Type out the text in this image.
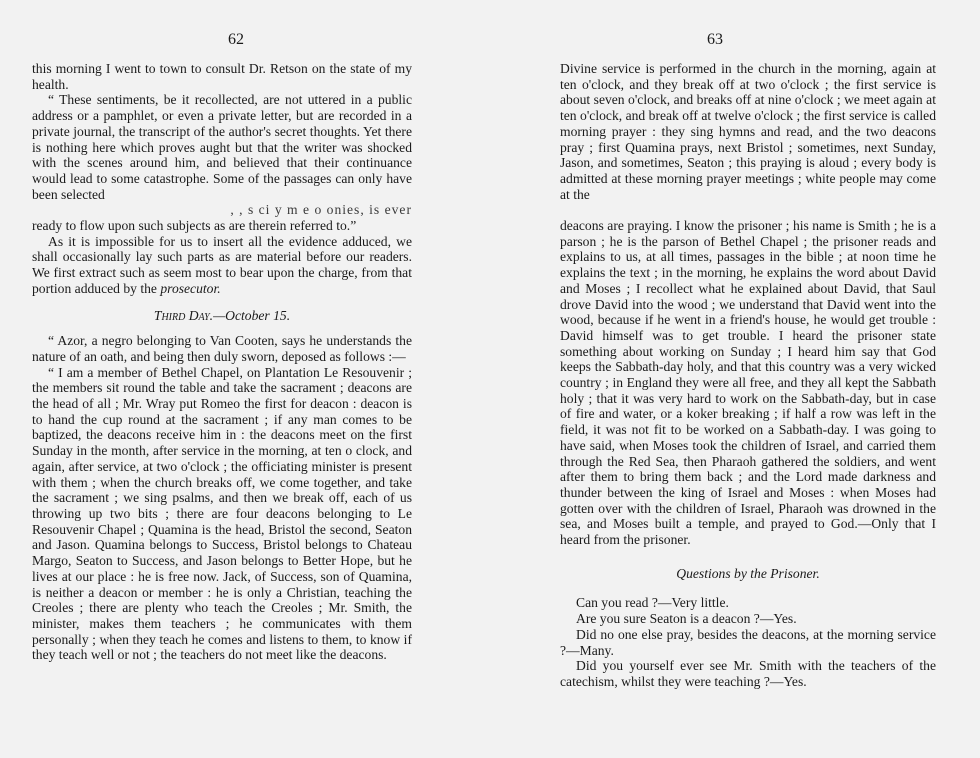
62

this morning I went to town to consult Dr. Retson on the state of my health.

“ These sentiments, be it recollected, are not uttered in a public address or a pamphlet, or even a private letter, but are recorded in a private journal, the transcript of the author's secret thoughts. Yet there is nothing here which proves aught but that the writer was shocked with the scenes around him, and believed that their continuance would lead to some catastrophe. Some of the passages can only have been selected

, , s ci y m e o onies, is ever

ready to flow upon such subjects as are therein referred to.”

As it is impossible for us to insert all the evidence adduced, we shall occasionally lay such parts as are material before our readers. We first extract such as seem most to bear upon the charge, from that portion adduced by the prosecutor.

Third Day.—October 15.

“ Azor, a negro belonging to Van Cooten, says he understands the nature of an oath, and being then duly sworn, deposed as follows :—

“ I am a member of Bethel Chapel, on Plantation Le Resouvenir ; the members sit round the table and take the sacrament ; deacons are the head of all ; Mr. Wray put Romeo the first for deacon : deacon is to hand the cup round at the sacrament ; if any man comes to be baptized, the deacons receive him in : the deacons meet on the first Sunday in the month, after service in the morning, at ten o clock, and again, after service, at two o'clock ; the officiating minister is present with them ; when the church breaks off, we come together, and take the sacrament ; we sing psalms, and then we break off, each of us throwing up two bits ; there are four deacons belonging to Le Resouvenir Chapel ; Quamina is the head, Bristol the second, Seaton and Jason. Quamina belongs to Success, Bristol belongs to Chateau Margo, Seaton to Success, and Jason belongs to Better Hope, but he lives at our place : he is free now. Jack, of Success, son of Quamina, is neither a deacon or member : he is only a Christian, teaching the Creoles ; there are plenty who teach the Creoles ; Mr. Smith, the minister, makes them teachers ; he communicates with them personally ; when they teach he comes and listens to them, to know if they teach well or not ; the teachers do not meet like the deacons.

63

Divine service is performed in the church in the morning, again at ten o'clock, and they break off at two o'clock ; the first service is about seven o'clock, and breaks off at nine o'clock ; we meet again at ten o'clock, and break off at twelve o'clock ; the first service is called morning prayer : they sing hymns and read, and the two deacons pray ; first Quamina prays, next Bristol ; sometimes, next Sunday, Jason, and sometimes, Seaton ; this praying is aloud ; every body is admitted at these morning prayer meetings ; white people may come at the

deacons are praying. I know the prisoner ; his name is Smith ; he is a parson ; he is the parson of Bethel Chapel ; the prisoner reads and explains to us, at all times, passages in the bible ; at noon time he explains the text ; in the morning, he explains the word about David and Moses ; I recollect what he explained about David, that Saul drove David into the wood ; we understand that David went into the wood, because if he went in a friend's house, he would get trouble : David himself was to get trouble. I heard the prisoner state something about working on Sunday ; I heard him say that God keeps the Sabbath-day holy, and that this country was a very wicked country ; in England they were all free, and they all kept the Sabbath holy ; that it was very hard to work on the Sabbath-day, but in case of fire and water, or a koker breaking ; if half a row was left in the field, it was not fit to be worked on a Sabbath-day. I was going to have said, when Moses took the children of Israel, and carried them through the Red Sea, then Pharaoh gathered the soldiers, and went after them to bring them back ; and the Lord made darkness and thunder between the king of Israel and Moses : when Moses had gotten over with the children of Israel, Pharaoh was drowned in the sea, and Moses built a temple, and prayed to God.—Only that I heard from the prisoner.

Questions by the Prisoner.

Can you read ?—Very little.

Are you sure Seaton is a deacon ?—Yes.

Did no one else pray, besides the deacons, at the morning service ?—Many.

Did you yourself ever see Mr. Smith with the teachers of the catechism, whilst they were teaching ?—Yes.
